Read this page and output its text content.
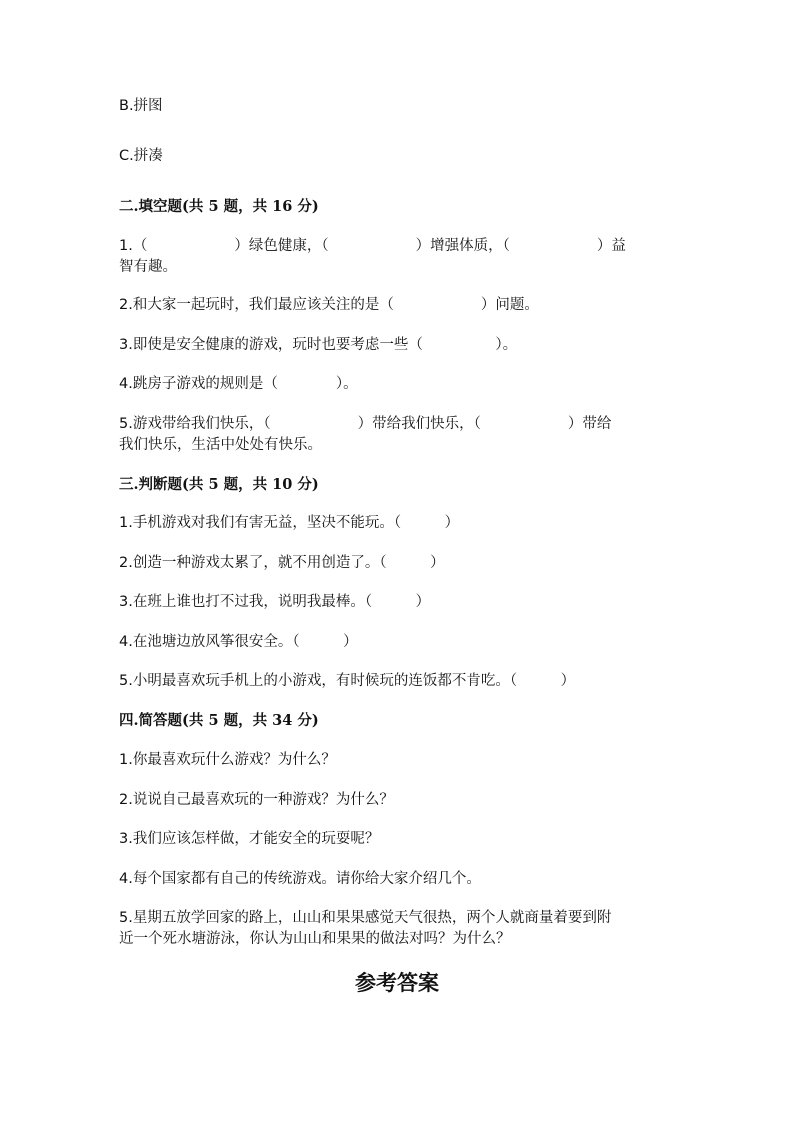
B.拼图
C.拼凑
二.填空题(共 5 题，共 16 分)
1.（　　　　　　）绿色健康，（　　　　　　）增强体质，（　　　　　　）益
智有趣。
2.和大家一起玩时，我们最应该关注的是（　　　　　　）问题。
3.即使是安全健康的游戏，玩时也要考虑一些（　　　　　）。
4.跳房子游戏的规则是（　　　　）。
5.游戏带给我们快乐，（　　　　　　）带给我们快乐，（　　　　　　）带给
我们快乐，生活中处处有快乐。
三.判断题(共 5 题，共 10 分)
1.手机游戏对我们有害无益，坚决不能玩。（　　　）
2.创造一种游戏太累了，就不用创造了。（　　　）
3.在班上谁也打不过我，说明我最棒。（　　　）
4.在池塘边放风筝很安全。（　　　）
5.小明最喜欢玩手机上的小游戏，有时候玩的连饭都不肯吃。（　　　）
四.简答题(共 5 题，共 34 分)
1.你最喜欢玩什么游戏？为什么？
2.说说自己最喜欢玩的一种游戏？为什么？
3.我们应该怎样做，才能安全的玩耍呢？
4.每个国家都有自己的传统游戏。请你给大家介绍几个。
5.星期五放学回家的路上，山山和果果感觉天气很热，两个人就商量着要到附
近一个死水塘游泳，你认为山山和果果的做法对吗？为什么？
参考答案
